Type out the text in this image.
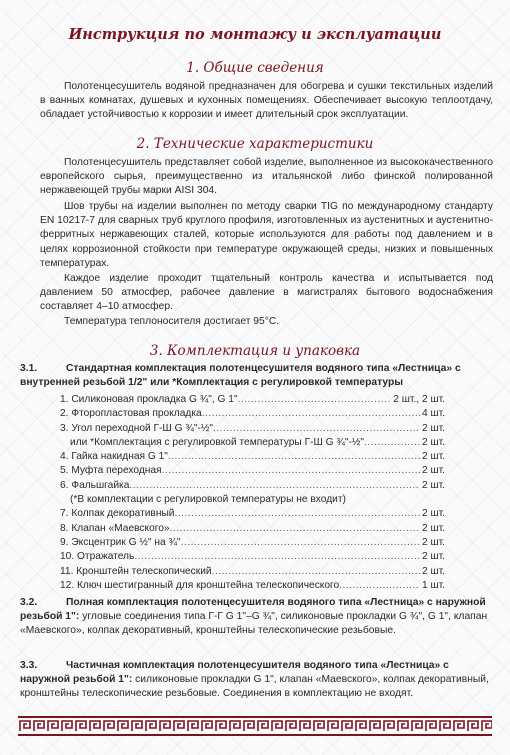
Инструкция по монтажу и эксплуатации
1. Общие сведения
Полотенцесушитель водяной предназначен для обогрева и сушки текстильных изделий в ванных комнатах, душевых и кухонных помещениях. Обеспечивает высокую теплоотдачу, обладает устойчивостью к коррозии и имеет длительный срок эксплуатации.
2. Технические характеристики
Полотенцесушитель представляет собой изделие, выполненное из высококачественного европейского сырья, преимущественно из итальянской либо финской полированной нержавеющей трубы марки AISI 304.
Шов трубы на изделии выполнен по методу сварки TIG по международному стандарту EN 10217-7 для сварных труб круглого профиля, изготовленных из аустенитных и аустенитно-ферритных нержавеющих сталей, которые используются для работы под давлением и в целях коррозионной стойкости при температуре окружающей среды, низких и повышенных температурах.
Каждое изделие проходит тщательный контроль качества и испытывается под давлением 50 атмосфер, рабочее давление в магистралях бытового водоснабжения составляет 4–10 атмосфер.
Температура теплоносителя достигает 95°С.
3. Комплектация и упаковка
3.1.	Стандартная комплектация полотенцесушителя водяного типа «Лестница» с внутренней резьбой 1/2" или *Комплектация с регулировкой температуры
1. Силиконовая прокладка G ¾", G 1" .....	2 шт., 2 шт.
2. Фторопластовая прокладка .....	4 шт.
3. Угол переходной Г-Ш G ¾"-½" .....	2 шт.
или *Комплектация с регулировкой температуры Г-Ш G ¾"-½" .....	2 шт.
4. Гайка накидная G 1" .....	2 шт.
5. Муфта переходная .....	2 шт.
6. Фальшгайка .....	2 шт.
(*В комплектации с регулировкой температуры не входит)
7. Колпак декоративный .....	2 шт.
8. Клапан «Маевского» .....	2 шт.
9. Эксцентрик G ½" на ¾" .....	2 шт.
10. Отражатель .....	2 шт.
11. Кронштейн телескопический .....	2 шт.
12. Ключ шестигранный для кронштейна телескопического .....	1 шт.
3.2.	Полная комплектация полотенцесушителя водяного типа «Лестница» с наружной резьбой 1": угловые соединения типа Г-Г G 1"–G ¾", силиконовые прокладки G ¾", G 1", клапан «Маевского», колпак декоративный, кронштейны телескопические резьбовые.
3.3.	Частичная комплектация полотенцесушителя водяного типа «Лестница» с наружной резьбой 1": силиконовые прокладки G 1", клапан «Маевского», колпак декоративный, кронштейны телескопические резьбовые. Соединения в комплектацию не входят.
